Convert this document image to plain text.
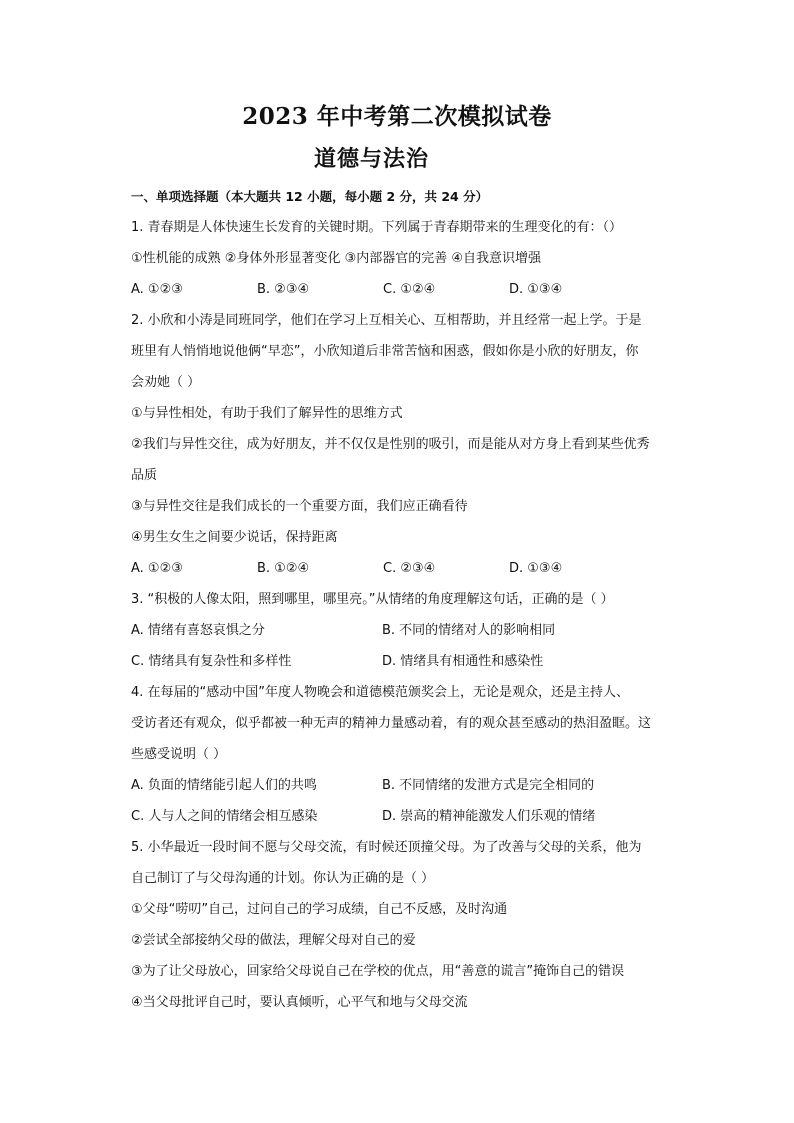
2023 年中考第二次模拟试卷
道德与法治
一、单项选择题（本大题共 12 小题，每小题 2 分，共 24 分）
1. 青春期是人体快速生长发育的关键时期。下列属于青春期带来的生理变化的有：（）
①性机能的成熟 ②身体外形显著变化 ③内部器官的完善 ④自我意识增强
A. ①②③	B. ②③④	C. ①②④	D. ①③④
2. 小欣和小涛是同班同学，他们在学习上互相关心、互相帮助，并且经常一起上学。于是
班里有人悄悄地说他俩“早恋”，小欣知道后非常苦恼和困惑，假如你是小欣的好朋友，你
会劝她（ ）
①与异性相处，有助于我们了解异性的思维方式
②我们与异性交往，成为好朋友，并不仅仅是性别的吸引，而是能从对方身上看到某些优秀
品质
③与异性交往是我们成长的一个重要方面，我们应正确看待
④男生女生之间要少说话，保持距离
A. ①②③	B. ①②④	C. ②③④	D. ①③④
3. “积极的人像太阳，照到哪里，哪里亮。”从情绪的角度理解这句话，正确的是（ ）
A. 情绪有喜怒哀惧之分	B. 不同的情绪对人的影响相同
C. 情绪具有复杂性和多样性	D. 情绪具有相通性和感染性
4. 在每届的“感动中国”年度人物晚会和道德模范颁奖会上，无论是观众，还是主持人、
受访者还有观众，似乎都被一种无声的精神力量感动着，有的观众甚至感动的热泪盈眶。这
些感受说明（ ）
A. 负面的情绪能引起人们的共鸣	B. 不同情绪的发泄方式是完全相同的
C. 人与人之间的情绪会相互感染	D. 崇高的精神能激发人们乐观的情绪
5. 小华最近一段时间不愿与父母交流，有时候还顶撞父母。为了改善与父母的关系，他为
自己制订了与父母沟通的计划。你认为正确的是（ ）
①父母“唠叨”自己，过问自己的学习成绩，自己不反感，及时沟通
②尝试全部接纳父母的做法，理解父母对自己的爱
③为了让父母放心，回家给父母说自己在学校的优点，用“善意的谎言”掩饰自己的错误
④当父母批评自己时，要认真倾听，心平气和地与父母交流
